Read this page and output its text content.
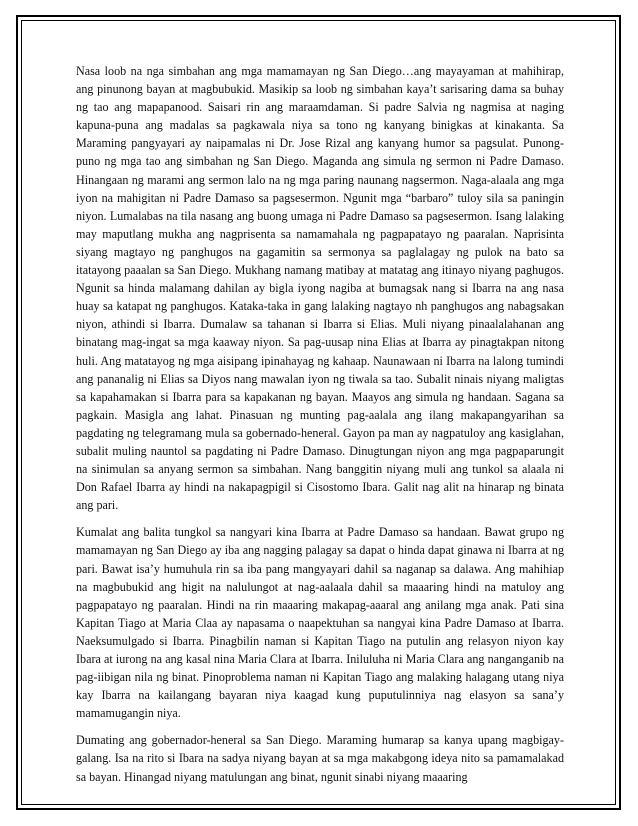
Nasa loob na nga simbahan ang mga mamamayan ng San Diego…ang mayayaman at mahihirap, ang pinunong bayan at magbubukid. Masikip sa loob ng simbahan kaya’t sarisaring dama sa buhay ng tao ang mapapanood. Saisari rin ang maraamdaman. Si padre Salvia ng nagmisa at naging kapuna-puna ang madalas sa pagkawala niya sa tono ng kanyang binigkas at kinakanta. Sa Maraming pangyayari ay naipamalas ni Dr. Jose Rizal ang kanyang humor sa pagsulat. Punong-puno ng mga tao ang simbahan ng San Diego. Maganda ang simula ng sermon ni Padre Damaso. Hinangaan ng marami ang sermon lalo na ng mga paring naunang nagsermon. Naga-alaala ang mga iyon na mahigitan ni Padre Damaso sa pagsesermon. Ngunit mga “barbaro” tuloy sila sa paningin niyon. Lumalabas na tila nasang ang buong umaga ni Padre Damaso sa pagsesermon. Isang lalaking may maputlang mukha ang nagprisenta sa namamahala ng pagpapatayo ng paaralan. Naprisinta siyang magtayo ng panghugos na gagamitin sa sermonya sa paglalagay ng pulok na bato sa itatayong paaalan sa San Diego. Mukhang namang matibay at matatag ang itinayo niyang paghugos. Ngunit sa hinda malamang dahilan ay bigla iyong nagiba at bumagsak nang si Ibarra na ang nasa huay sa katapat ng panghugos. Kataka-taka in gang lalaking nagtayo nh panghugos ang nabagsakan niyon, athindi si Ibarra. Dumalaw sa tahanan si Ibarra si Elias. Muli niyang pinaalalahanan ang binatang mag-ingat sa mga kaaway niyon. Sa pag-uusap nina Elias at Ibarra ay pinagtakpan nitong huli. Ang matatayog ng mga aisipang ipinahayag ng kahaap. Naunawaan ni Ibarra na lalong tumindi ang pananalig ni Elias sa Diyos nang mawalan iyon ng tiwala sa tao. Subalit ninais niyang maligtas sa kapahamakan si Ibarra para sa kapakanan ng bayan. Maayos ang simula ng handaan. Sagana sa pagkain. Masigla ang lahat. Pinasuan ng munting pag-aalala ang ilang makapangyarihan sa pagdating ng telegramang mula sa gobernado-heneral. Gayon pa man ay nagpatuloy ang kasiglahan, subalit muling nauntol sa pagdating ni Padre Damaso. Dinugtungan niyon ang mga pagpaparungit na sinimulan sa anyang sermon sa simbahan. Nang banggitin niyang muli ang tunkol sa alaala ni Don Rafael Ibarra ay hindi na nakapagpigil si Cisostomo Ibara. Galit nag alit na hinarap ng binata ang pari.

Kumalat ang balita tungkol sa nangyari kina Ibarra at Padre Damaso sa handaan. Bawat grupo ng mamamayan ng San Diego ay iba ang nagging palagay sa dapat o hinda dapat ginawa ni Ibarra at ng pari. Bawat isa’y humuhula rin sa iba pang mangyayari dahil sa naganap sa dalawa. Ang mahihiap na magbubukid ang higit na nalulungot at nag-aalaala dahil sa maaaring hindi na matuloy ang pagpapatayo ng paaralan. Hindi na rin maaaring makapag-aaaral ang anilang mga anak. Pati sina Kapitan Tiago at Maria Claa ay napasama o naapektuhan sa nangyai kina Padre Damaso at Ibarra. Naeksumulgado si Ibarra. Pinagbilin naman si Kapitan Tiago na putulin ang relasyon niyon kay Ibara at iurong na ang kasal nina Maria Clara at Ibarra. Iniluluha ni Maria Clara ang nanganganib na pag-iibigan nila ng binat. Pinoproblema naman ni Kapitan Tiago ang malaking halagang utang niya kay Ibarra na kailangang bayaran niya kaagad kung puputulinniya nag elasyon sa sana’y mamamugangin niya.

Dumating ang gobernador-heneral sa San Diego. Maraming humarap sa kanya upang magbigay-galang. Isa na rito si Ibara na sadya niyang bayan at sa mga makabgong ideya nito sa pamamalakad sa bayan. Hinangad niyang matulungan ang binat, ngunit sinabi niyang maaaring
